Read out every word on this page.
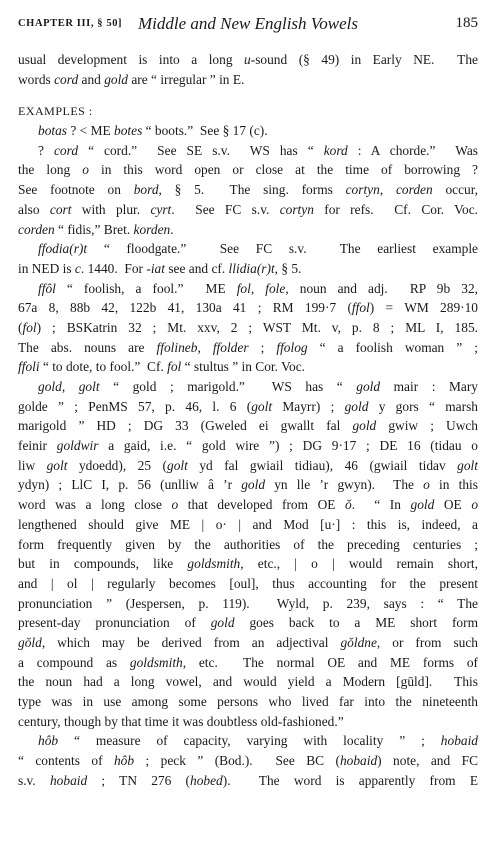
CHAPTER III, § 50] Middle and New English Vowels	185
usual development is into a long u-sound (§ 49) in Early NE.  The
words cord and gold are “ irregular ” in E.
EXAMPLES :
botas ? < ME botes “ boots.”  See § 17 (c).
? cord “ cord.”  See SE s.v.  WS has “ kord : A chorde.”  Was
the long o in this word open or close at the time of borrowing ?
See footnote on bord, § 5.  The sing. forms cortyn, corden occur,
also cort with plur. cyrt.  See FC s.v. cortyn for refs.  Cf. Cor. Voc.
corden “ fidis,” Bret. korden.
ffodia(r)t “ floodgate.”  See FC s.v.  The earliest example
in NED is c. 1440.  For -iat see and cf. llidia(r)t, § 5.
ffôl “ foolish, a fool.”  ME fol, fole, noun and adj.  RP 9b 32,
67a 8, 88b 42, 122b 41, 130a 41 ; RM 199·7 (ffol) = WM 289·10
(fol) ; BSKatrin 32 ; Mt. xxv, 2 ; WST Mt. v, p. 8 ; ML I, 185.
The abs. nouns are ffolineb, ffolder ; ffolog “ a foolish woman ” ;
ffoli “ to dote, to fool.”  Cf. fol “ stultus ” in Cor. Voc.
gold, golt “ gold ; marigold.”  WS has “ gold mair : Mary
golde ” ; PenMS 57, p. 46, l. 6 (golt Mayrr) ; gold y gors “ marsh
marigold ” HD ; DG 33 (Gweled ei gwallt fal gold gwiw ; Uwch
feinir goldwir a gaid, i.e. “ gold wire ”) ; DG 9·17 ; DE 16 (tidau o
liw golt ydoedd), 25 (golt yd fal gwiail tidiau), 46 (gwiail tidav golt
ydyn) ; LlC I, p. 56 (unlliw â ’r gold yn lle ’r gwyn).  The o in this
word was a long close o that developed from OE ŏ.  “ In gold OE o
lengthened should give ME | o· | and Mod [u·] : this is, indeed, a
form frequently given by the authorities of the preceding centuries ;
but in compounds, like goldsmith, etc., | o | would remain short,
and | ol | regularly becomes [oul], thus accounting for the present
pronunciation ” (Jespersen, p. 119).  Wyld, p. 239, says : “ The
present-day pronunciation of gold goes back to a ME short form
gŏld, which may be derived from an adjectival gŏldne, or from such
a compound as goldsmith, etc.  The normal OE and ME forms of
the noun had a long vowel, and would yield a Modern [gūld].  This
type was in use among some persons who lived far into the nineteenth
century, though by that time it was doubtless old-fashioned.”
hôb “ measure of capacity, varying with locality ” ; hobaid
“ contents of hôb ; peck ” (Bod.).  See BC (hobaid) note, and FC
s.v. hobaid ; TN 276 (hobed).  The word is apparently from E
